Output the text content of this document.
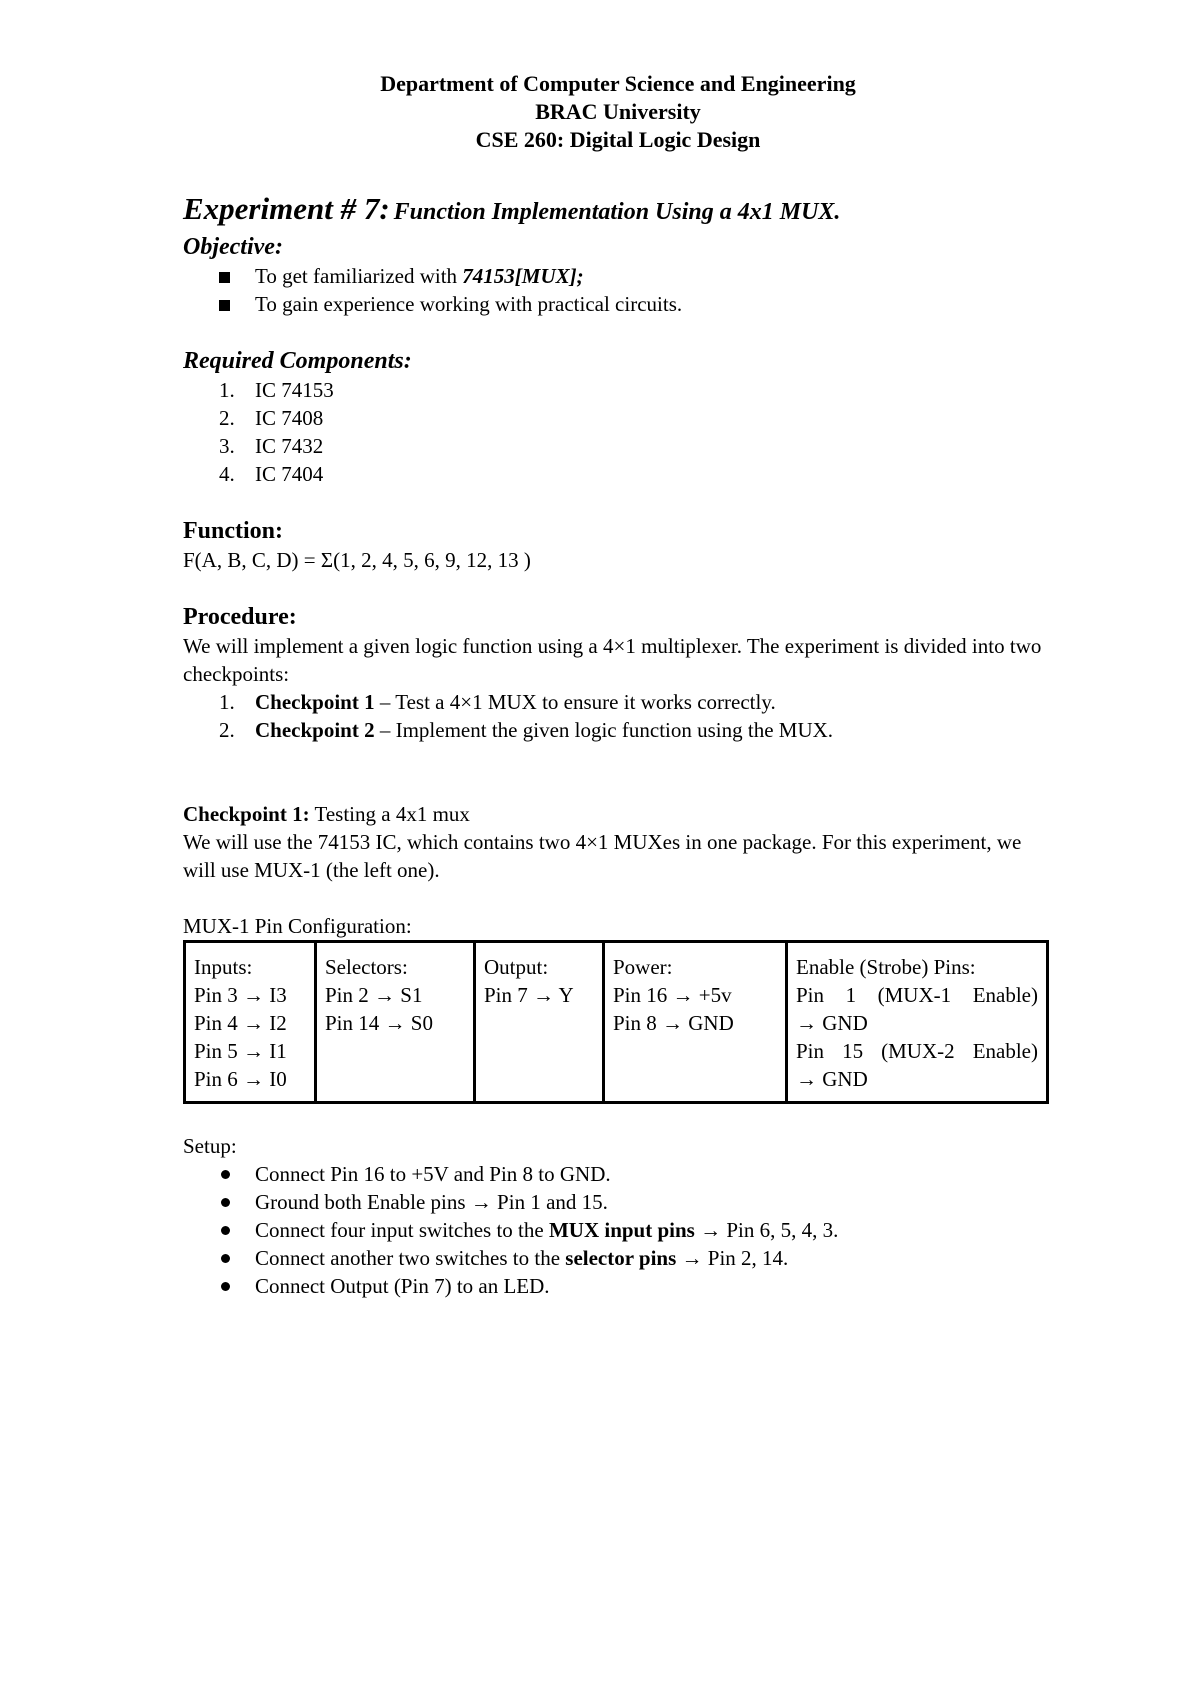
Department of Computer Science and Engineering
BRAC University
CSE 260: Digital Logic Design
Experiment # 7: Function Implementation Using a 4x1 MUX.
Objective:
To get familiarized with 74153[MUX];
To gain experience working with practical circuits.
Required Components:
1. IC 74153
2. IC 7408
3. IC 7432
4. IC 7404
Function:
F(A, B, C, D) = Σ(1, 2, 4, 5, 6, 9, 12, 13 )
Procedure:
We will implement a given logic function using a 4×1 multiplexer. The experiment is divided into two checkpoints:
1. Checkpoint 1 – Test a 4×1 MUX to ensure it works correctly.
2. Checkpoint 2 – Implement the given logic function using the MUX.
Checkpoint 1: Testing a 4x1 mux
We will use the 74153 IC, which contains two 4×1 MUXes in one package. For this experiment, we will use MUX-1 (the left one).
MUX-1 Pin Configuration:
Inputs:
Pin 3 → I3
Pin 4 → I2
Pin 5 → I1
Pin 6 → I0

Selectors:
Pin 2 → S1
Pin 14 → S0

Output:
Pin 7 → Y

Power:
Pin 16 → +5v
Pin 8 → GND

Enable (Strobe) Pins:
Pin 1 (MUX-1 Enable)
→ GND
Pin 15 (MUX-2 Enable)
→ GND
Setup:
Connect Pin 16 to +5V and Pin 8 to GND.
Ground both Enable pins → Pin 1 and 15.
Connect four input switches to the MUX input pins → Pin 6, 5, 4, 3.
Connect another two switches to the selector pins → Pin 2, 14.
Connect Output (Pin 7) to an LED.
